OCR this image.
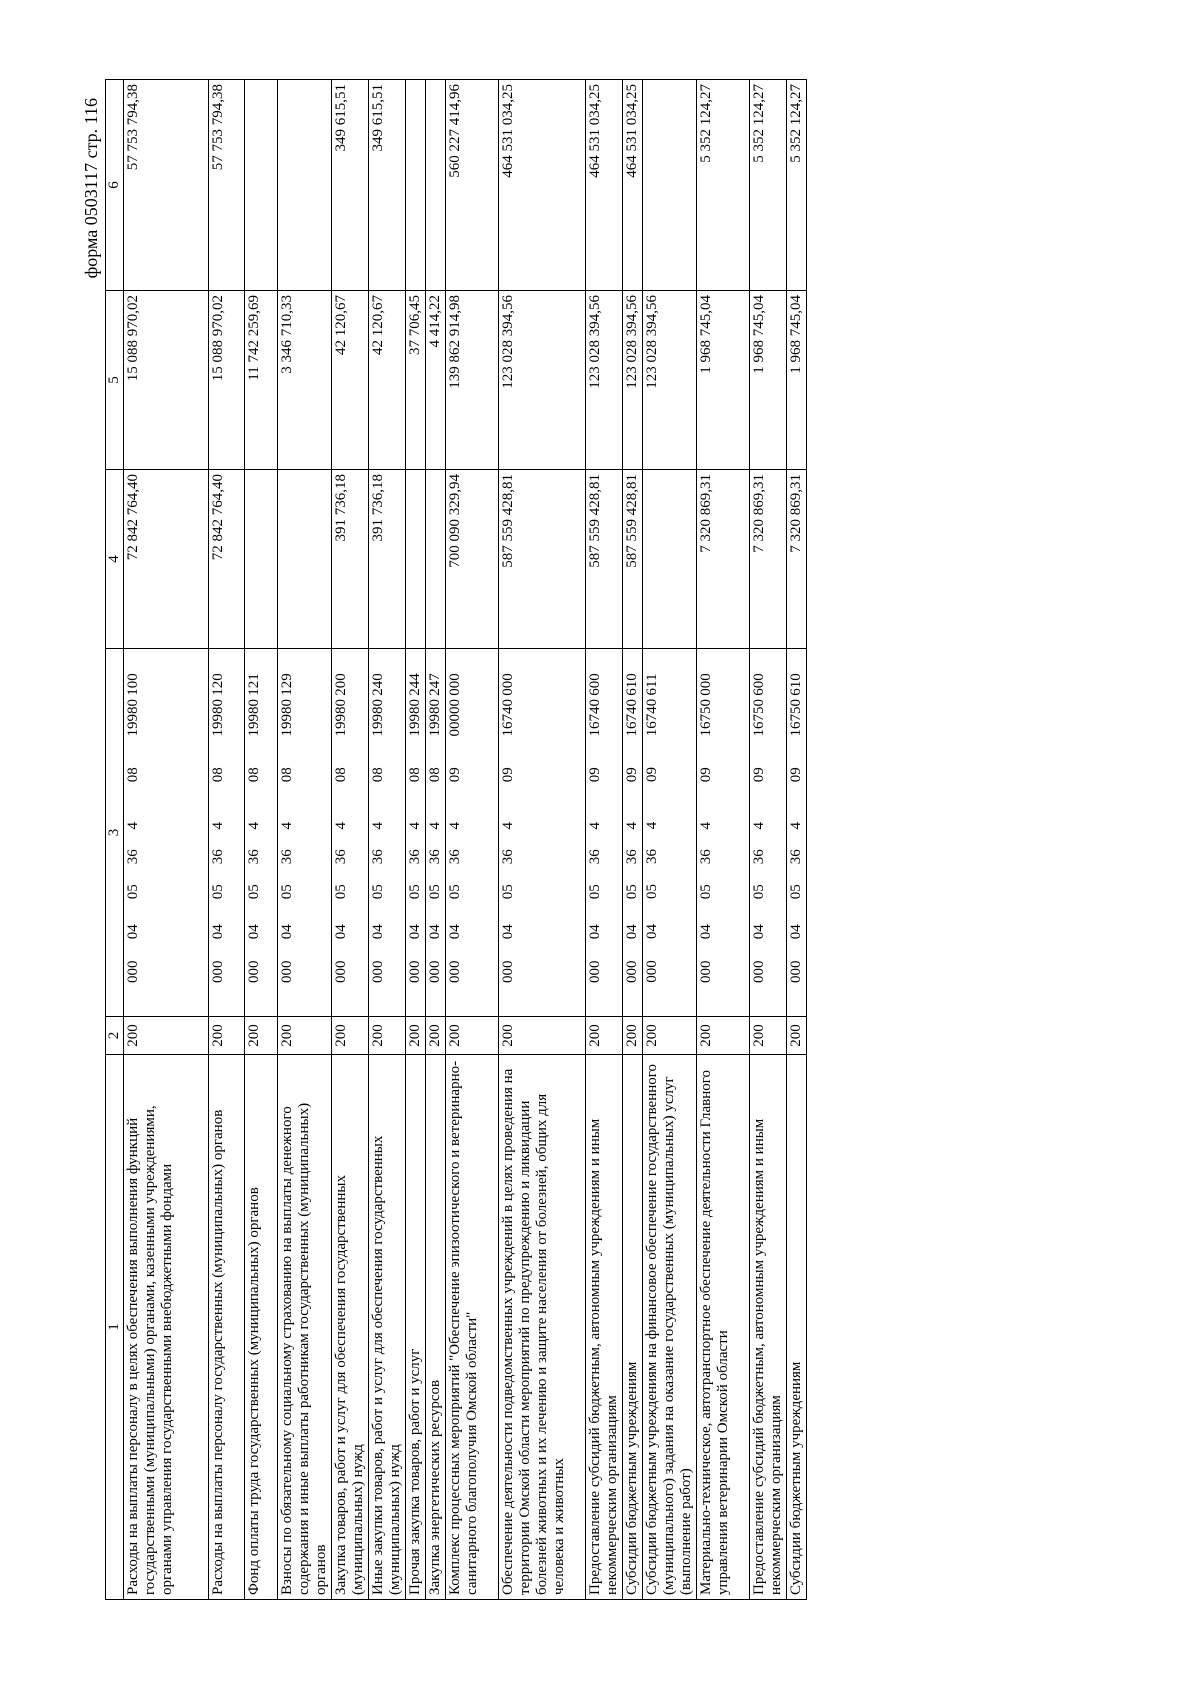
форма 0503117 стр. 116
1	2	3	4	5	6
Расходы на выплаты персоналу в целях обеспечения выполнения функций государственными (муниципальными) органами, казенными учреждениями, органами управления государственными внебюджетными фондами	200	00004053640819980100	72 842 764,40	15 088 970,02	57 753 794,38
Расходы на выплаты персоналу государственных (муниципальных) органов	200	00004053640819980120	72 842 764,40	15 088 970,02	57 753 794,38
Фонд оплаты труда государственных (муниципальных) органов	200	00004053640819980121		11 742 259,69	
Взносы по обязательному социальному страхованию на выплаты денежного содержания и иные выплаты работникам государственных (муниципальных) органов	200	00004053640819980129		3 346 710,33	
Закупка товаров, работ и услуг для обеспечения государственных (муниципальных) нужд	200	00004053640819980200	391 736,18	42 120,67	349 615,51
Иные закупки товаров, работ и услуг для обеспечения государственных (муниципальных) нужд	200	00004053640819980240	391 736,18	42 120,67	349 615,51
Прочая закупка товаров, работ и услуг	200	00004053640819980244		37 706,45	
Закупка энергетических ресурсов	200	00004053640819980247		4 414,22	
Комплекс процессных мероприятий "Обеспечение эпизоотического и ветеринарно-санитарного благополучия Омской области"	200	00004053640900000000	700 090 329,94	139 862 914,98	560 227 414,96
Обеспечение деятельности подведомственных учреждений в целях проведения на территории Омской области мероприятий по предупреждению и ликвидации болезней животных и их лечению и защите населения от болезней, общих для человека и животных	200	00004053640916740000	587 559 428,81	123 028 394,56	464 531 034,25
Предоставление субсидий бюджетным, автономным учреждениям и иным некоммерческим организациям	200	00004053640916740600	587 559 428,81	123 028 394,56	464 531 034,25
Субсидии бюджетным учреждениям	200	00004053640916740610	587 559 428,81	123 028 394,56	464 531 034,25
Субсидии бюджетным учреждениям на финансовое обеспечение государственного (муниципального) задания на оказание государственных (муниципальных) услуг (выполнение работ)	200	00004053640916740611		123 028 394,56	
Материально-техническое, автотранспортное обеспечение деятельности Главного управления ветеринарии Омской области	200	00004053640916750000	7 320 869,31	1 968 745,04	5 352 124,27
Предоставление субсидий бюджетным, автономным учреждениям и иным некоммерческим организациям	200	00004053640916750600	7 320 869,31	1 968 745,04	5 352 124,27
Субсидии бюджетным учреждениям	200	00004053640916750610	7 320 869,31	1 968 745,04	5 352 124,27
